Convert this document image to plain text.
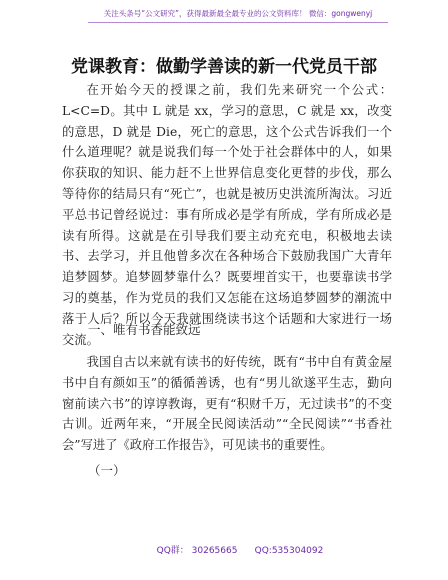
关注头条号“公文研究”，获得最新最全最专业的公文资料库！ 微信：gongwenyj
党课教育：做勤学善读的新一代党员干部
在开始今天的授课之前，我们先来研究一个公式：L<C=D。其中 L 就是 xx，学习的意思，C 就是 xx，改变的意思，D 就是 Die，死亡的意思，这个公式告诉我们一个什么道理呢？就是说我们每一个处于社会群体中的人，如果你获取的知识、能力赶不上世界信息变化更替的步伐，那么等待你的结局只有“死亡”，也就是被历史洪流所淘汰。习近平总书记曾经说过：事有所成必是学有所成，学有所成必是读有所得。这就是在引导我们要主动充充电，积极地去读书、去学习，并且他曾多次在各种场合下鼓励我国广大青年追梦圆梦。追梦圆梦靠什么？既要埋首实干，也要靠读书学习的奠基，作为党员的我们又怎能在这场追梦圆梦的潮流中落于人后？所以今天我就围绕读书这个话题和大家进行一场交流。
一、唯有书香能致远
我国自古以来就有读书的好传统，既有“书中自有黄金屋书中自有颜如玉”的循循善诱，也有“男儿欲遂平生志，勤向窗前读六书”的谆谆教诲，更有“积财千万，无过读书”的不变古训。近两年来，“开展全民阅读活动”“全民阅读”“书香社会”写进了《政府工作报告》，可见读书的重要性。
（一）
QQ群： 30265665      QQ:535304092
